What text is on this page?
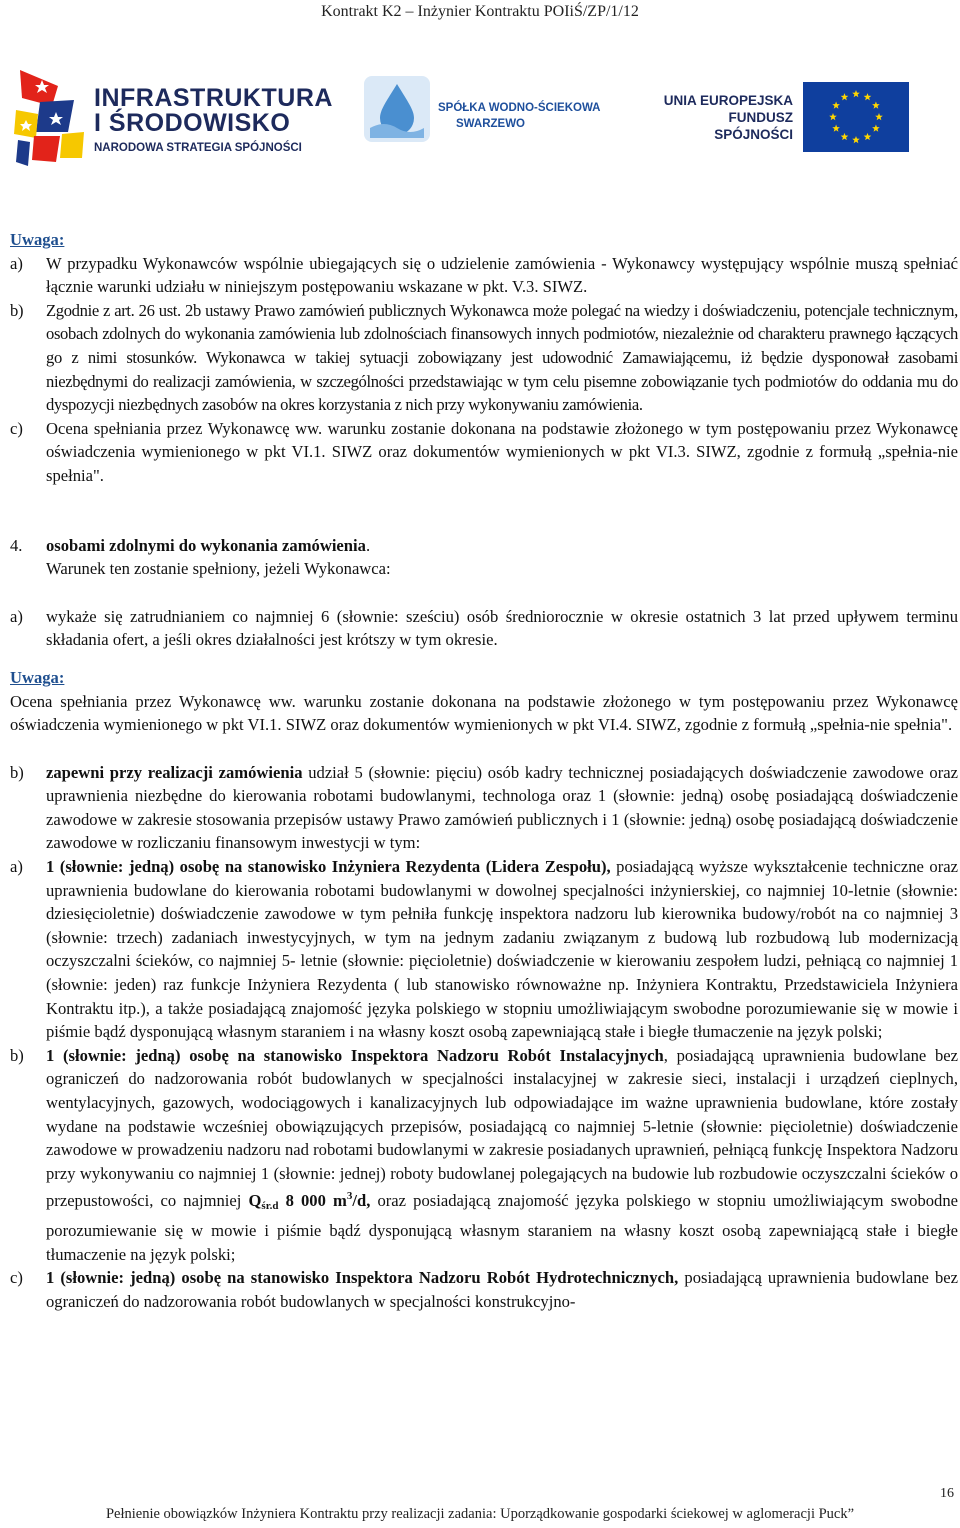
Kontrakt K2 – Inżynier Kontraktu POIiŚ/ZP/1/12
INFRASTRUKTURA
I ŚRODOWISKO
NARODOWA STRATEGIA SPÓJNOŚCI
SPÓŁKA WODNO-ŚCIEKOWA
SWARZEWO
UNIA EUROPEJSKA
FUNDUSZ SPÓJNOŚCI
Uwaga:
a)	W przypadku Wykonawców wspólnie ubiegających się o udzielenie zamówienia - Wykonawcy występujący wspólnie muszą spełniać łącznie warunki udziału w niniejszym postępowaniu wskazane w pkt. V.3. SIWZ.
b)	Zgodnie z art. 26 ust. 2b ustawy Prawo zamówień publicznych Wykonawca może polegać na wiedzy i doświadczeniu, potencjale technicznym, osobach zdolnych do wykonania zamówienia lub zdolnościach finansowych innych podmiotów, niezależnie od charakteru prawnego łączących go z nimi stosunków. Wykonawca w takiej sytuacji zobowiązany jest udowodnić Zamawiającemu, iż będzie dysponował zasobami niezbędnymi do realizacji zamówienia, w szczególności przedstawiając w tym celu pisemne zobowiązanie tych podmiotów do oddania mu do dyspozycji niezbędnych zasobów na okres korzystania z nich przy wykonywaniu zamówienia.
c)	Ocena spełniania przez Wykonawcę ww. warunku zostanie dokonana na podstawie złożonego w tym postępowaniu przez Wykonawcę oświadczenia wymienionego w pkt VI.1. SIWZ oraz dokumentów wymienionych w pkt VI.3. SIWZ, zgodnie z formułą „spełnia-nie spełnia".
4.	osobami zdolnymi do wykonania zamówienia.
Warunek ten zostanie spełniony, jeżeli Wykonawca:
a)	wykaże się zatrudnianiem co najmniej 6 (słownie: sześciu) osób średniorocznie w okresie ostatnich 3 lat przed upływem terminu składania ofert, a jeśli okres działalności jest krótszy w tym okresie.
Uwaga:
Ocena spełniania przez Wykonawcę ww. warunku zostanie dokonana na podstawie złożonego w tym postępowaniu przez Wykonawcę oświadczenia wymienionego w pkt VI.1. SIWZ oraz dokumentów wymienionych w pkt VI.4. SIWZ, zgodnie z formułą „spełnia-nie spełnia".
b)	zapewni przy realizacji zamówienia udział 5 (słownie: pięciu) osób kadry technicznej posiadających doświadczenie zawodowe oraz uprawnienia niezbędne do kierowania robotami budowlanymi, technologa oraz 1 (słownie: jedną) osobę posiadającą doświadczenie zawodowe w zakresie stosowania przepisów ustawy Prawo zamówień publicznych i 1 (słownie: jedną) osobę posiadającą doświadczenie zawodowe w rozliczaniu finansowym inwestycji w tym:
a)	1 (słownie: jedną) osobę na stanowisko Inżyniera Rezydenta (Lidera Zespołu), posiadającą wyższe wykształcenie techniczne oraz uprawnienia budowlane do kierowania robotami budowlanymi w dowolnej specjalności inżynierskiej, co najmniej 10-letnie (słownie: dziesięcioletnie) doświadczenie zawodowe w tym pełniła funkcję inspektora nadzoru lub kierownika budowy/robót na co najmniej 3 (słownie: trzech) zadaniach inwestycyjnych, w tym na jednym zadaniu związanym z budową lub rozbudową lub modernizacją oczyszczalni ścieków, co najmniej 5- letnie (słownie: pięcioletnie) doświadczenie w kierowaniu zespołem ludzi, pełniącą co najmniej 1 (słownie: jeden) raz funkcje Inżyniera Rezydenta ( lub stanowisko równoważne np. Inżyniera Kontraktu, Przedstawiciela Inżyniera Kontraktu itp.), a także posiadającą znajomość języka polskiego w stopniu umożliwiającym swobodne porozumiewanie się w mowie i piśmie bądź dysponującą własnym staraniem i na własny koszt osobą zapewniającą stałe i biegłe tłumaczenie na język polski;
b)	1 (słownie: jedną) osobę na stanowisko Inspektora Nadzoru Robót Instalacyjnych, posiadającą uprawnienia budowlane bez ograniczeń do nadzorowania robót budowlanych w specjalności instalacyjnej w zakresie sieci, instalacji i urządzeń cieplnych, wentylacyjnych, gazowych, wodociągowych i kanalizacyjnych lub odpowiadające im ważne uprawnienia budowlane, które zostały wydane na podstawie wcześniej obowiązujących przepisów, posiadającą co najmniej 5-letnie (słownie: pięcioletnie) doświadczenie zawodowe w prowadzeniu nadzoru nad robotami budowlanymi w zakresie posiadanych uprawnień, pełniącą funkcję Inspektora Nadzoru przy wykonywaniu co najmniej 1 (słownie: jednej) roboty budowlanej polegających na budowie lub rozbudowie oczyszczalni ścieków o przepustowości, co najmniej $Q_{śr.d}$ 8 000 $m^3/d$, oraz posiadającą znajomość języka polskiego w stopniu umożliwiającym swobodne porozumiewanie się w mowie i piśmie bądź dysponującą własnym staraniem na własny koszt osobą zapewniającą stałe i biegłe tłumaczenie na język polski;
c)	1 (słownie: jedną) osobę na stanowisko Inspektora Nadzoru Robót Hydrotechnicznych, posiadającą uprawnienia budowlane bez ograniczeń do nadzorowania robót budowlanych w specjalności konstrukcyjno-
16
Pełnienie obowiązków Inżyniera Kontraktu przy realizacji zadania: Uporządkowanie gospodarki ściekowej w aglomeracji Puck”
